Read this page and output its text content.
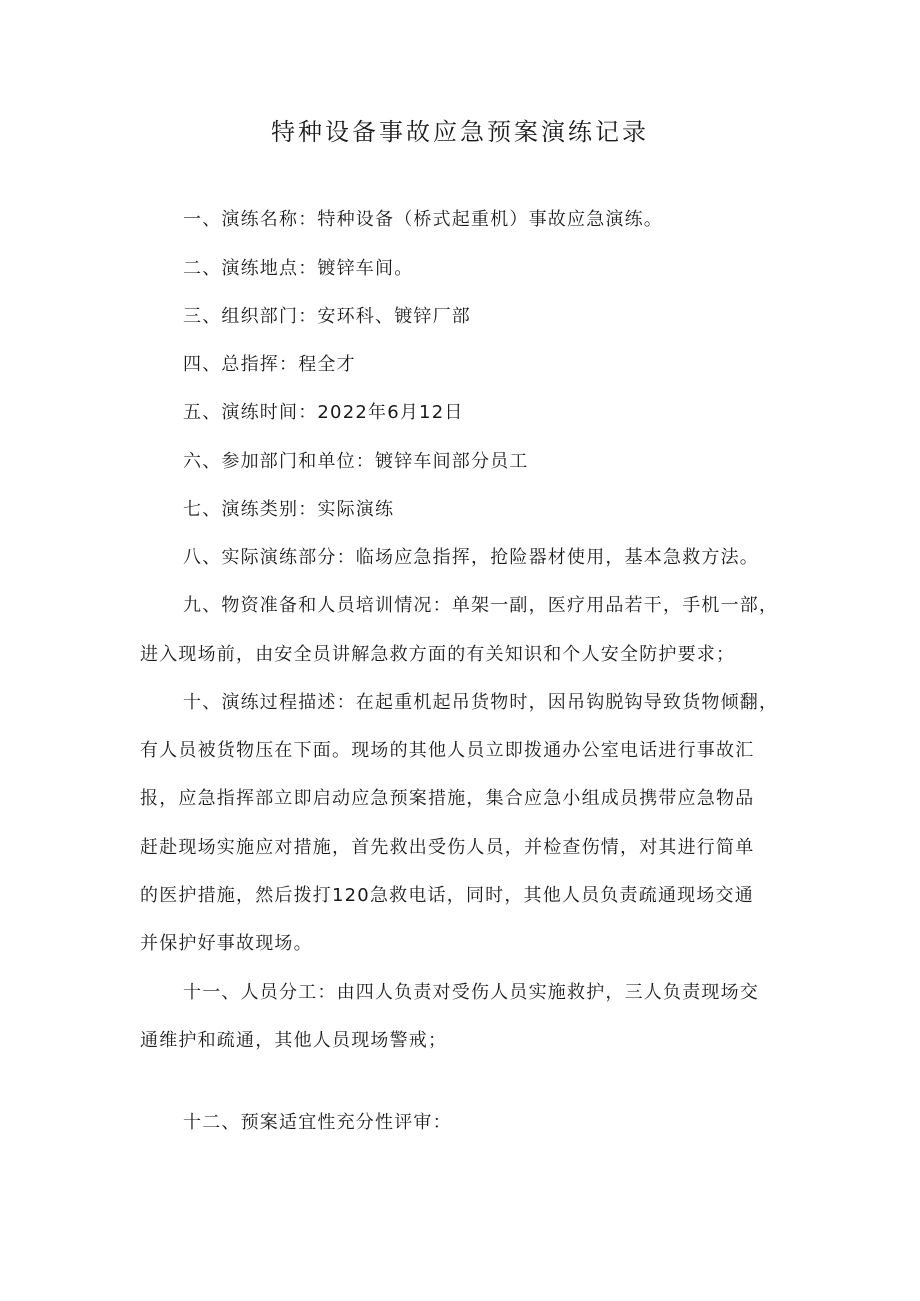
特种设备事故应急预案演练记录

一、演练名称：特种设备（桥式起重机）事故应急演练。

二、演练地点：镀锌车间。

三、组织部门：安环科、镀锌厂部

四、总指挥：程全才

五、演练时间：2022年6月12日

六、参加部门和单位：镀锌车间部分员工

七、演练类别：实际演练

八、实际演练部分：临场应急指挥，抢险器材使用，基本急救方法。

九、物资准备和人员培训情况：单架一副，医疗用品若干，手机一部，

进入现场前，由安全员讲解急救方面的有关知识和个人安全防护要求；

十、演练过程描述：在起重机起吊货物时，因吊钩脱钩导致货物倾翻，

有人员被货物压在下面。现场的其他人员立即拨通办公室电话进行事故汇

报，应急指挥部立即启动应急预案措施，集合应急小组成员携带应急物品

赶赴现场实施应对措施，首先救出受伤人员，并检查伤情，对其进行简单

的医护措施，然后拨打120急救电话，同时，其他人员负责疏通现场交通

并保护好事故现场。

十一、人员分工：由四人负责对受伤人员实施救护，三人负责现场交

通维护和疏通，其他人员现场警戒；

十二、预案适宜性充分性评审：
